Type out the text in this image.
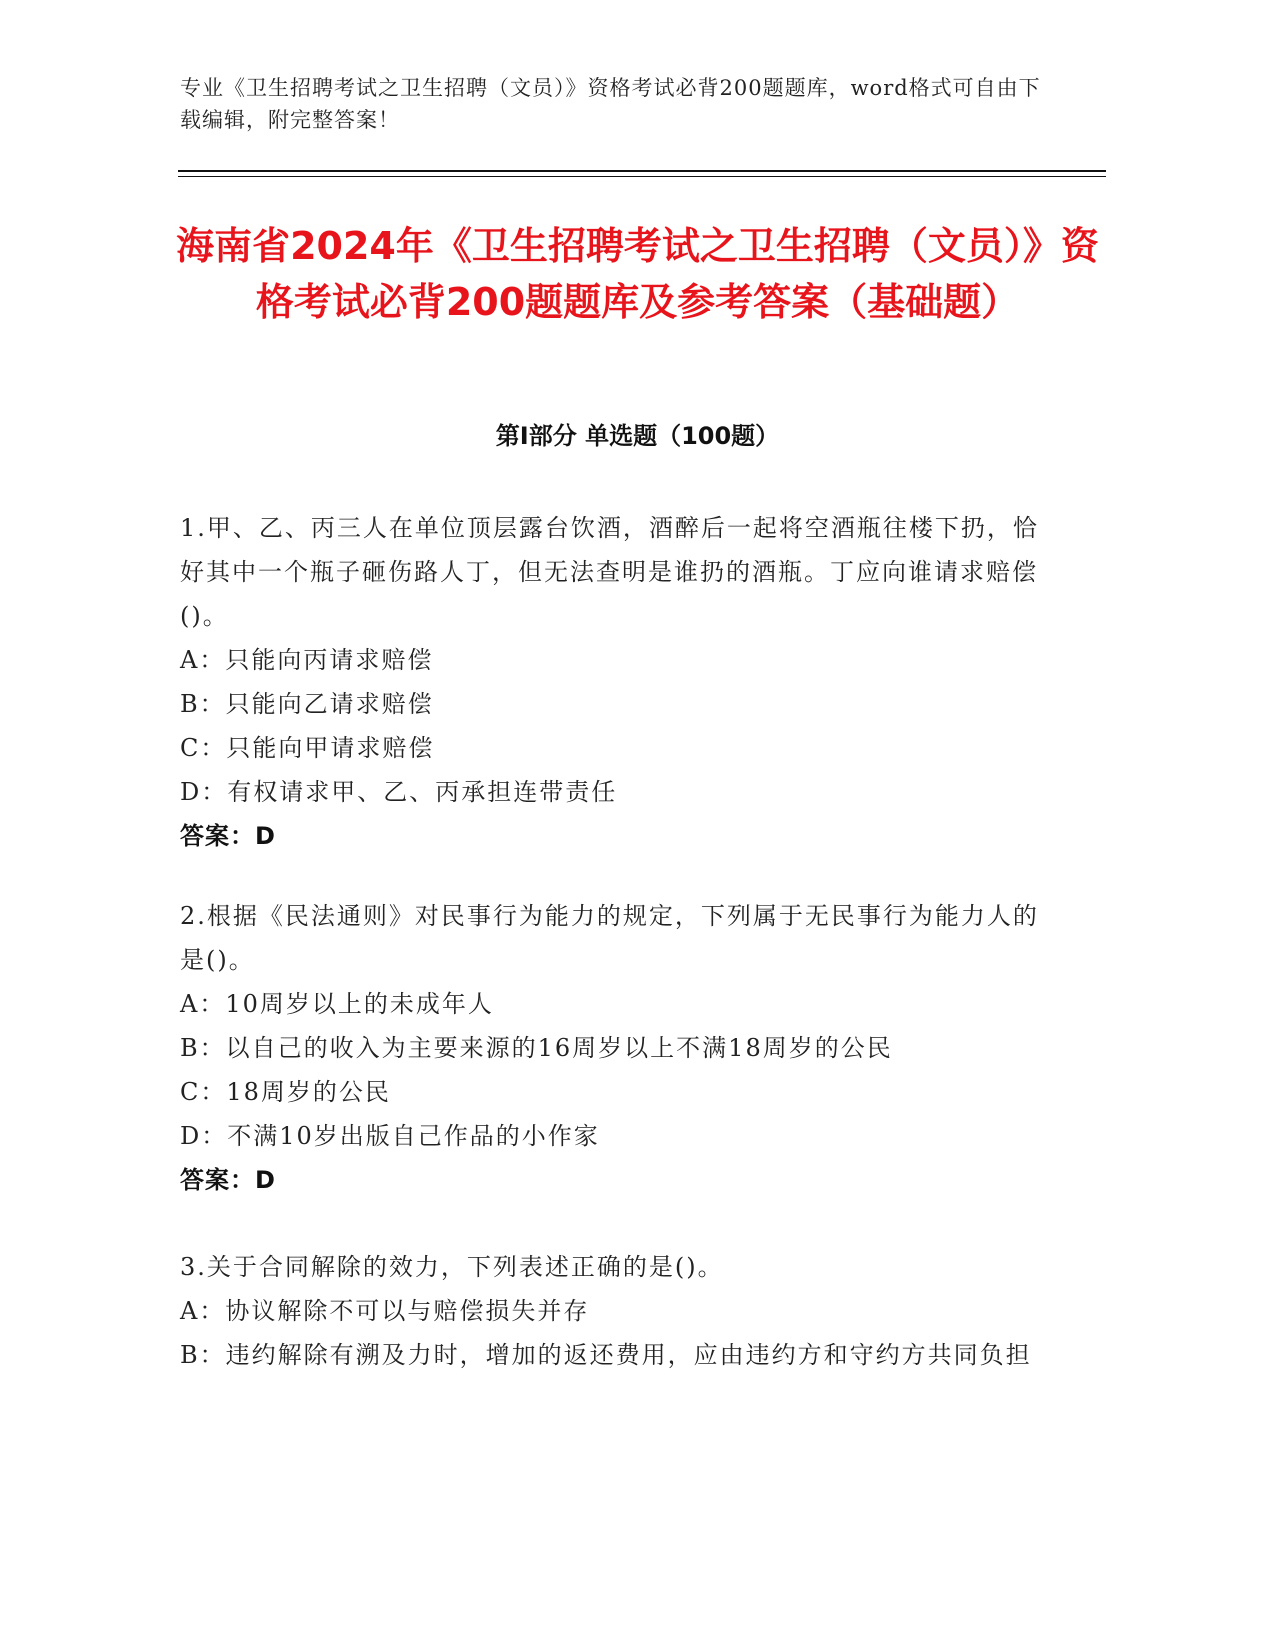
专业《卫生招聘考试之卫生招聘（文员）》资格考试必背200题题库，word格式可自由下载编辑，附完整答案！
海南省2024年《卫生招聘考试之卫生招聘（文员）》资格考试必背200题题库及参考答案（基础题）
第Ⅰ部分 单选题（100题）

1.甲、乙、丙三人在单位顶层露台饮酒，酒醉后一起将空酒瓶往楼下扔，恰好其中一个瓶子砸伤路人丁，但无法查明是谁扔的酒瓶。丁应向谁请求赔偿()。

A：只能向丙请求赔偿

B：只能向乙请求赔偿

C：只能向甲请求赔偿

D：有权请求甲、乙、丙承担连带责任

答案：D

2.根据《民法通则》对民事行为能力的规定，下列属于无民事行为能力人的是()。

A：10周岁以上的未成年人

B：以自己的收入为主要来源的16周岁以上不满18周岁的公民

C：18周岁的公民

D：不满10岁出版自己作品的小作家

答案：D

3.关于合同解除的效力，下列表述正确的是()。

A：协议解除不可以与赔偿损失并存

B：违约解除有溯及力时，增加的返还费用，应由违约方和守约方共同负担
